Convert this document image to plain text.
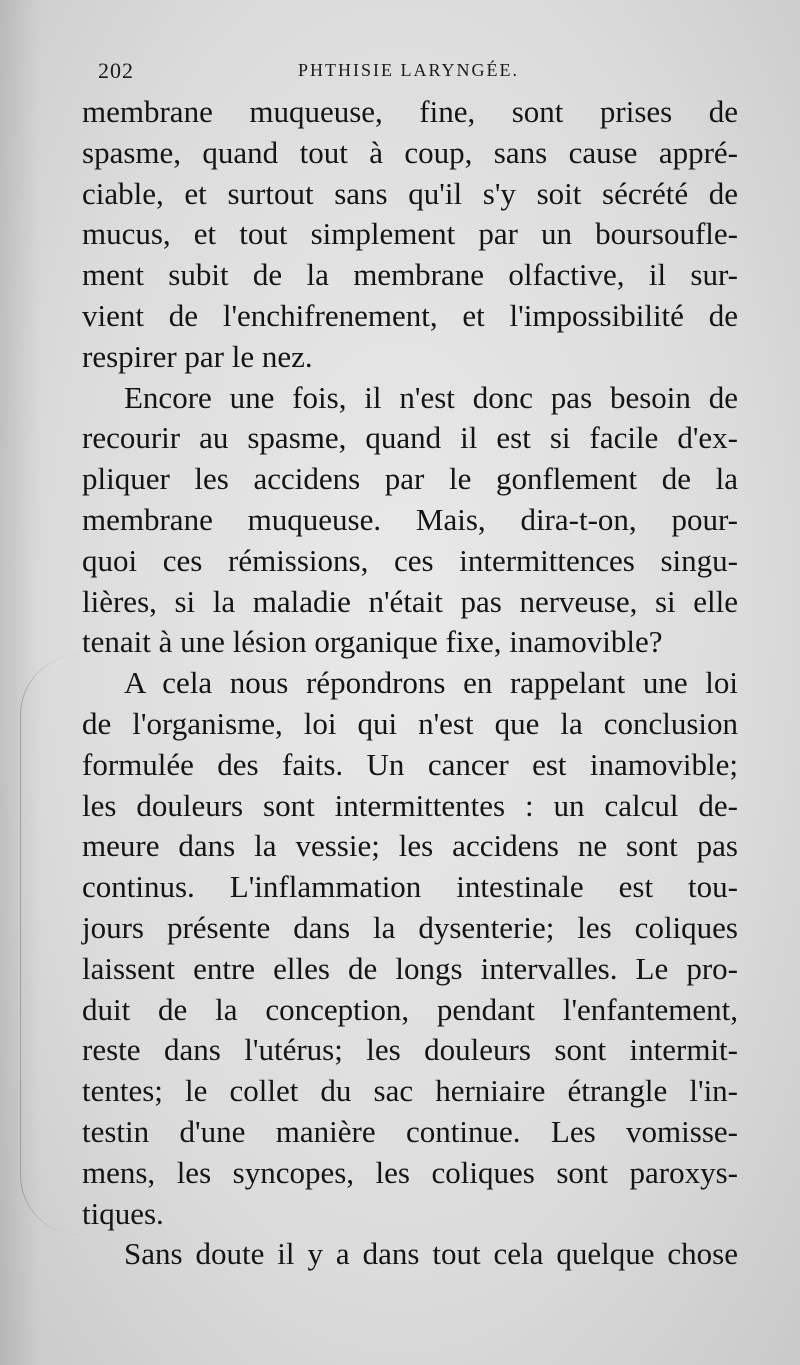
202	PHTHISIE LARYNGÉE.
membrane muqueuse, fine, sont prises de
spasme, quand tout à coup, sans cause appré-
ciable, et surtout sans qu'il s'y soit sécrété de
mucus, et tout simplement par un boursoufle-
ment subit de la membrane olfactive, il sur-
vient de l'enchifrenement, et l'impossibilité de
respirer par le nez.
Encore une fois, il n'est donc pas besoin de
recourir au spasme, quand il est si facile d'ex-
pliquer les accidens par le gonflement de la
membrane muqueuse. Mais, dira-t-on, pour-
quoi ces rémissions, ces intermittences singu-
lières, si la maladie n'était pas nerveuse, si elle
tenait à une lésion organique fixe, inamovible?
A cela nous répondrons en rappelant une loi
de l'organisme, loi qui n'est que la conclusion
formulée des faits. Un cancer est inamovible;
les douleurs sont intermittentes : un calcul de-
meure dans la vessie; les accidens ne sont pas
continus. L'inflammation intestinale est tou-
jours présente dans la dysenterie; les coliques
laissent entre elles de longs intervalles. Le pro-
duit de la conception, pendant l'enfantement,
reste dans l'utérus; les douleurs sont intermit-
tentes; le collet du sac herniaire étrangle l'in-
testin d'une manière continue. Les vomisse-
mens, les syncopes, les coliques sont paroxys-
tiques.
Sans doute il y a dans tout cela quelque chose
